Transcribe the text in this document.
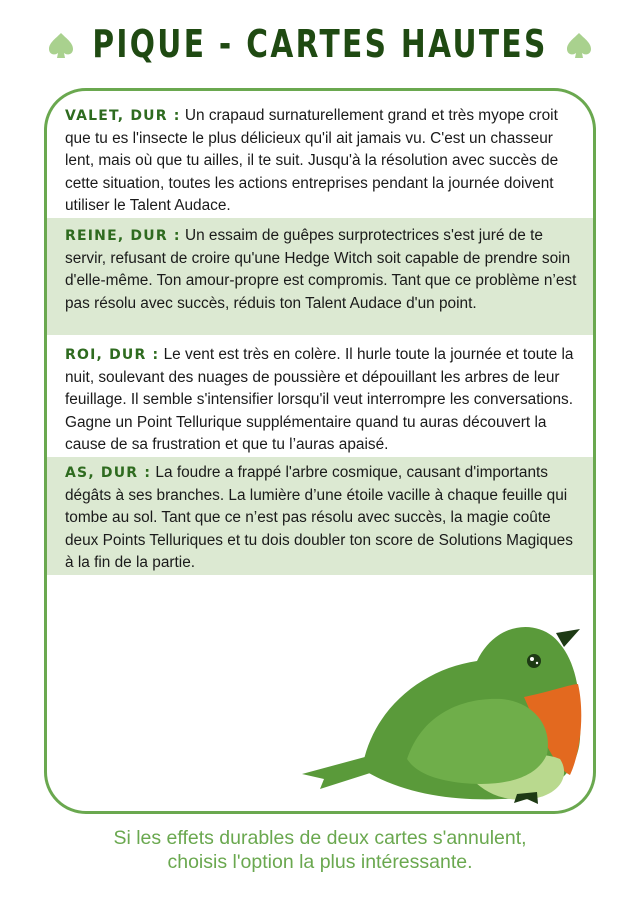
PIQUE - CARTES HAUTES
VALET, DUR : Un crapaud surnaturellement grand et très myope croit que tu es l'insecte le plus délicieux qu'il ait jamais vu. C'est un chasseur lent, mais où que tu ailles, il te suit. Jusqu'à la résolution avec succès de cette situation, toutes les actions entreprises pendant la journée doivent utiliser le Talent Audace.
REINE, DUR : Un essaim de guêpes surprotectrices s'est juré de te servir, refusant de croire qu'une Hedge Witch soit capable de prendre soin d'elle-même. Ton amour-propre est compromis. Tant que ce problème n’est pas résolu avec succès, réduis ton Talent Audace d'un point.
ROI, DUR : Le vent est très en colère. Il hurle toute la journée et toute la nuit, soulevant des nuages de poussière et dépouillant les arbres de leur feuillage. Il semble s'intensifier lorsqu'il veut interrompre les conversations. Gagne un Point Tellurique supplémentaire quand tu auras découvert la cause de sa frustration et que tu l’auras apaisé.
AS, DUR : La foudre a frappé l'arbre cosmique, causant d'importants dégâts à ses branches. La lumière d’une étoile vacille à chaque feuille qui tombe au sol. Tant que ce n’est pas résolu avec succès, la magie coûte deux Points Telluriques et tu dois doubler ton score de Solutions Magiques à la fin de la partie.
Si les effets durables de deux cartes s'annulent,
choisis l'option la plus intéressante.
